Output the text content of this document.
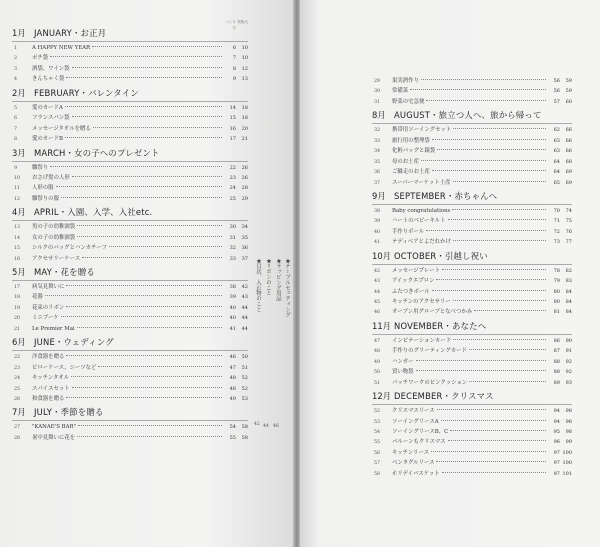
つくり方
実物大
1月 JANUARY・お正月
1	A HAPPY NEW YEAR	6	10
2	ポチ袋	7	10
3	酒袋、ワイン袋	8	12
4	きんちゃく袋	9	13
2月 FEBRUARY・バレンタイン
5	愛のカードA	14	18
6	フランスパン袋	15	18
7	メッセージタオルを贈る	16	20
8	愛のカードB	17	21
3月 MARCH・女の子へのプレゼント
9	雛祭り	22	26
10	おさげ髪の人形	23	26
11	人形の服	24	28
12	雛祭りの服	25	29
4月 APRIL・入園、入学、入社etc.
13	男の子の幼稚園袋	30	34
14	女の子の幼稚園袋	31	35
15	シルクのバッグとハンカチーフ	32	36
16	アクセサリーケース	33	37
5月 MAY・花を贈る
17	病気見舞いに	38	42
18	花器	39	43
19	花束のリボン	40	44
20	ミニブーケ	40	44
21	Le Premier Mai	41	44
6月 JUNE・ウェディング
22	洋食器を贈る	46	50
23	ピローケース、シーツなど	47	51
24	キッチンタオル	48	52
25	スパイスセット	48	52
26	和食器を贈る	49	53
7月 JULY・季節を贈る
27	"KANAE'S BAR"	54	58
28	暑中見舞いに花を	55	58
★目次、入れ物のこと
42
★リボンのこと
44
★ラッピング用品
46
★テーブルセッティング
29	果実酒作り	56	59
30	常備菜	56	59
31	野菜の宅急便	57	60
8月 AUGUST・旅立つ人へ、旅から帰って
32	携帯用ソーイングセット	62	66
33	旅行用の整理袋	63	66
34	化粧バッグと鏡袋	63	66
35	母のお土産	64	68
36	ご輪走のお土産	64	69
37	スーパーマーケット土産	65	69
9月 SEPTEMBER・赤ちゃんへ
38	Baby congratulations	70	74
39	ハートのベビーキルト	71	75
40	手作りボール	72	76
41	テディベアとよだれかけ	73	77
10月 OCTOBER・引越し祝い
42	メッセージプレート	78	82
43	アイックエプロン	79	83
44	ふたつきボール	80	84
45	キッチンのアクセサリー	80	84
46	オーブン用グローブとなべつかみ	81	84
11月 NOVEMBER・あなたへ
47	インビテーションカード	86	90
48	手作りのグリーティングカード	87	91
49	ハンガー	88	92
50	買い物袋	88	92
51	パッチワークのピンクッション	89	93
12月 DECEMBER・クリスマス
52	クリスマスリース	94	98
53	ソーイングリースA	94	98
54	ソーイングリースB、C	95	98
55	バルーンもクリスマス	96	99
56	キッチンリース	97 100
57	ベンタグルリース	97 100
58	ホリデイバスケット	97 101
